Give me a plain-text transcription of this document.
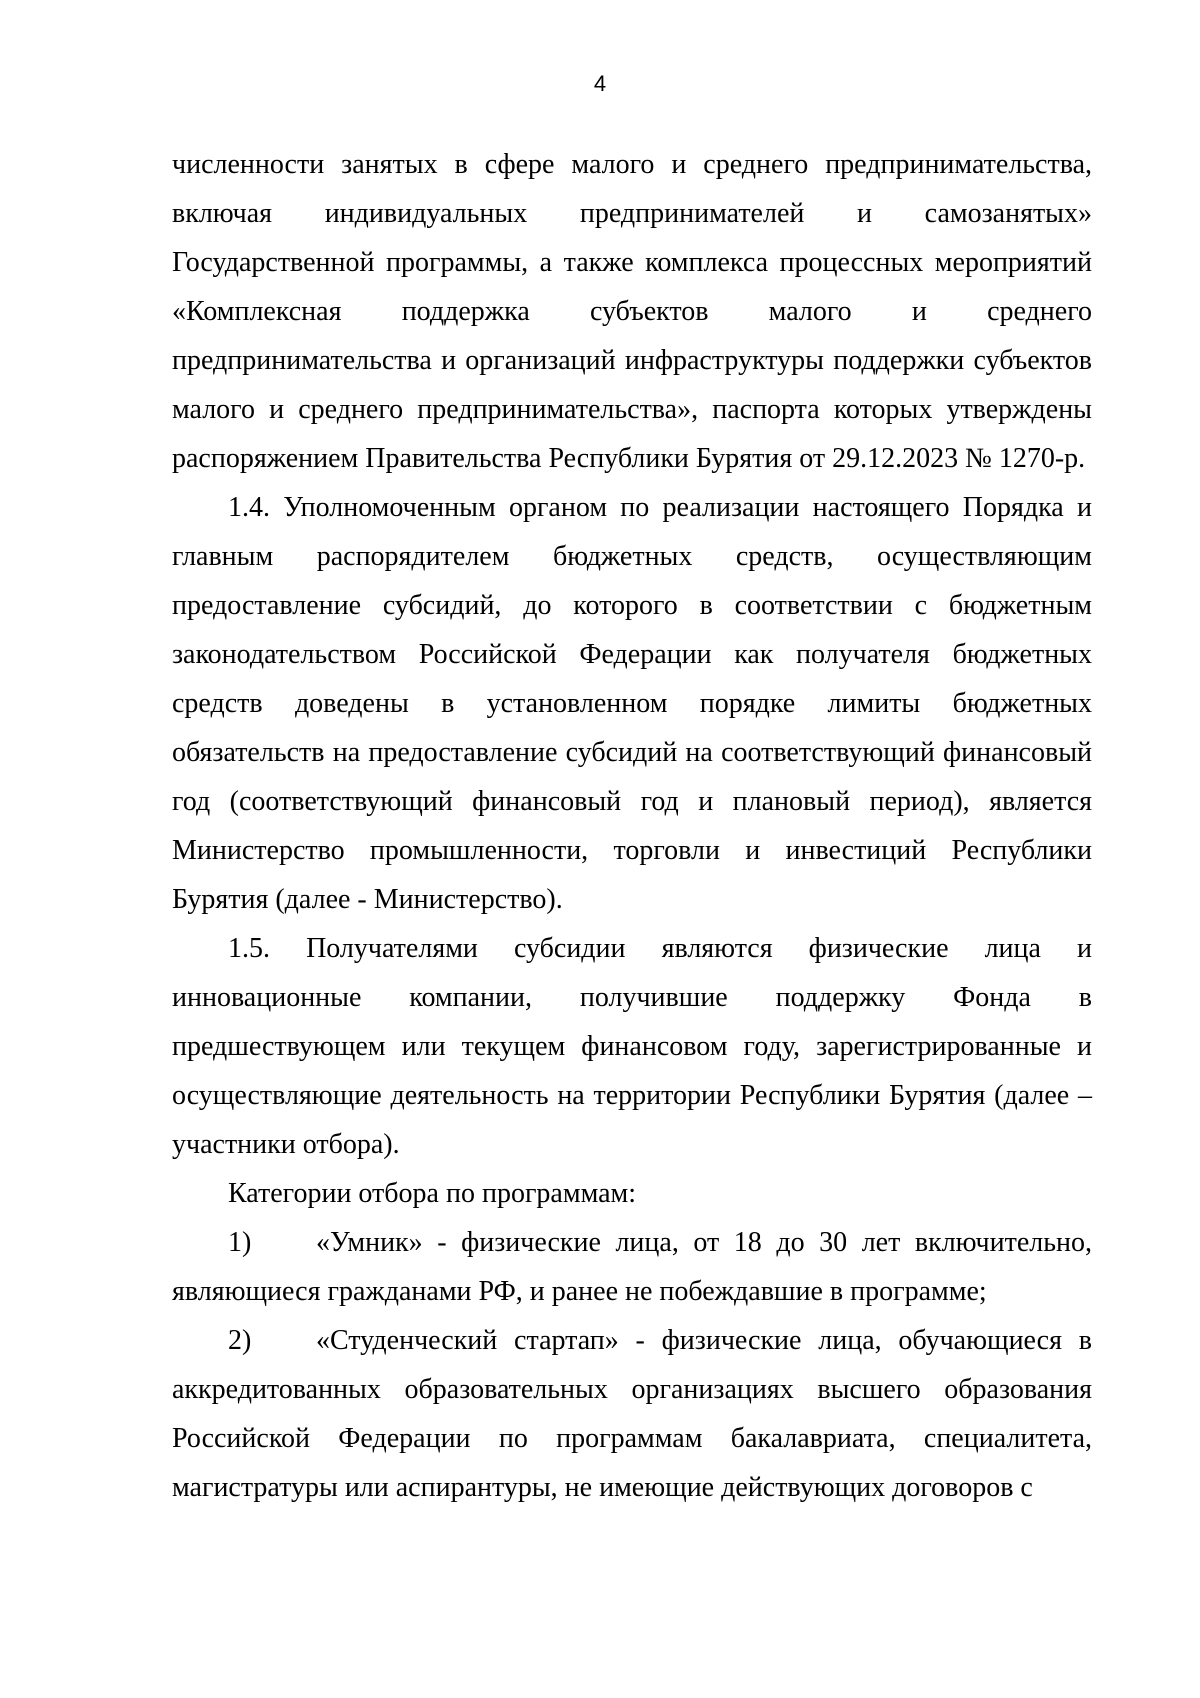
4

численности занятых в сфере малого и среднего предпринимательства, включая индивидуальных предпринимателей и самозанятых» Государственной программы, а также комплекса процессных мероприятий «Комплексная поддержка субъектов малого и среднего предпринимательства и организаций инфраструктуры поддержки субъектов малого и среднего предпринимательства», паспорта которых утверждены распоряжением Правительства Республики Бурятия от 29.12.2023 № 1270-р.

1.4. Уполномоченным органом по реализации настоящего Порядка и главным распорядителем бюджетных средств, осуществляющим предоставление субсидий, до которого в соответствии с бюджетным законодательством Российской Федерации как получателя бюджетных средств доведены в установленном порядке лимиты бюджетных обязательств на предоставление субсидий на соответствующий финансовый год (соответствующий финансовый год и плановый период), является Министерство промышленности, торговли и инвестиций Республики Бурятия (далее - Министерство).

1.5. Получателями субсидии являются физические лица и инновационные компании, получившие поддержку Фонда в предшествующем или текущем финансовом году, зарегистрированные и осуществляющие деятельность на территории Республики Бурятия (далее – участники отбора).

Категории отбора по программам:

1) «Умник» - физические лица, от 18 до 30 лет включительно, являющиеся гражданами РФ, и ранее не побеждавшие в программе;

2) «Студенческий стартап» - физические лица, обучающиеся в аккредитованных образовательных организациях высшего образования Российской Федерации по программам бакалавриата, специалитета, магистратуры или аспирантуры, не имеющие действующих договоров с
